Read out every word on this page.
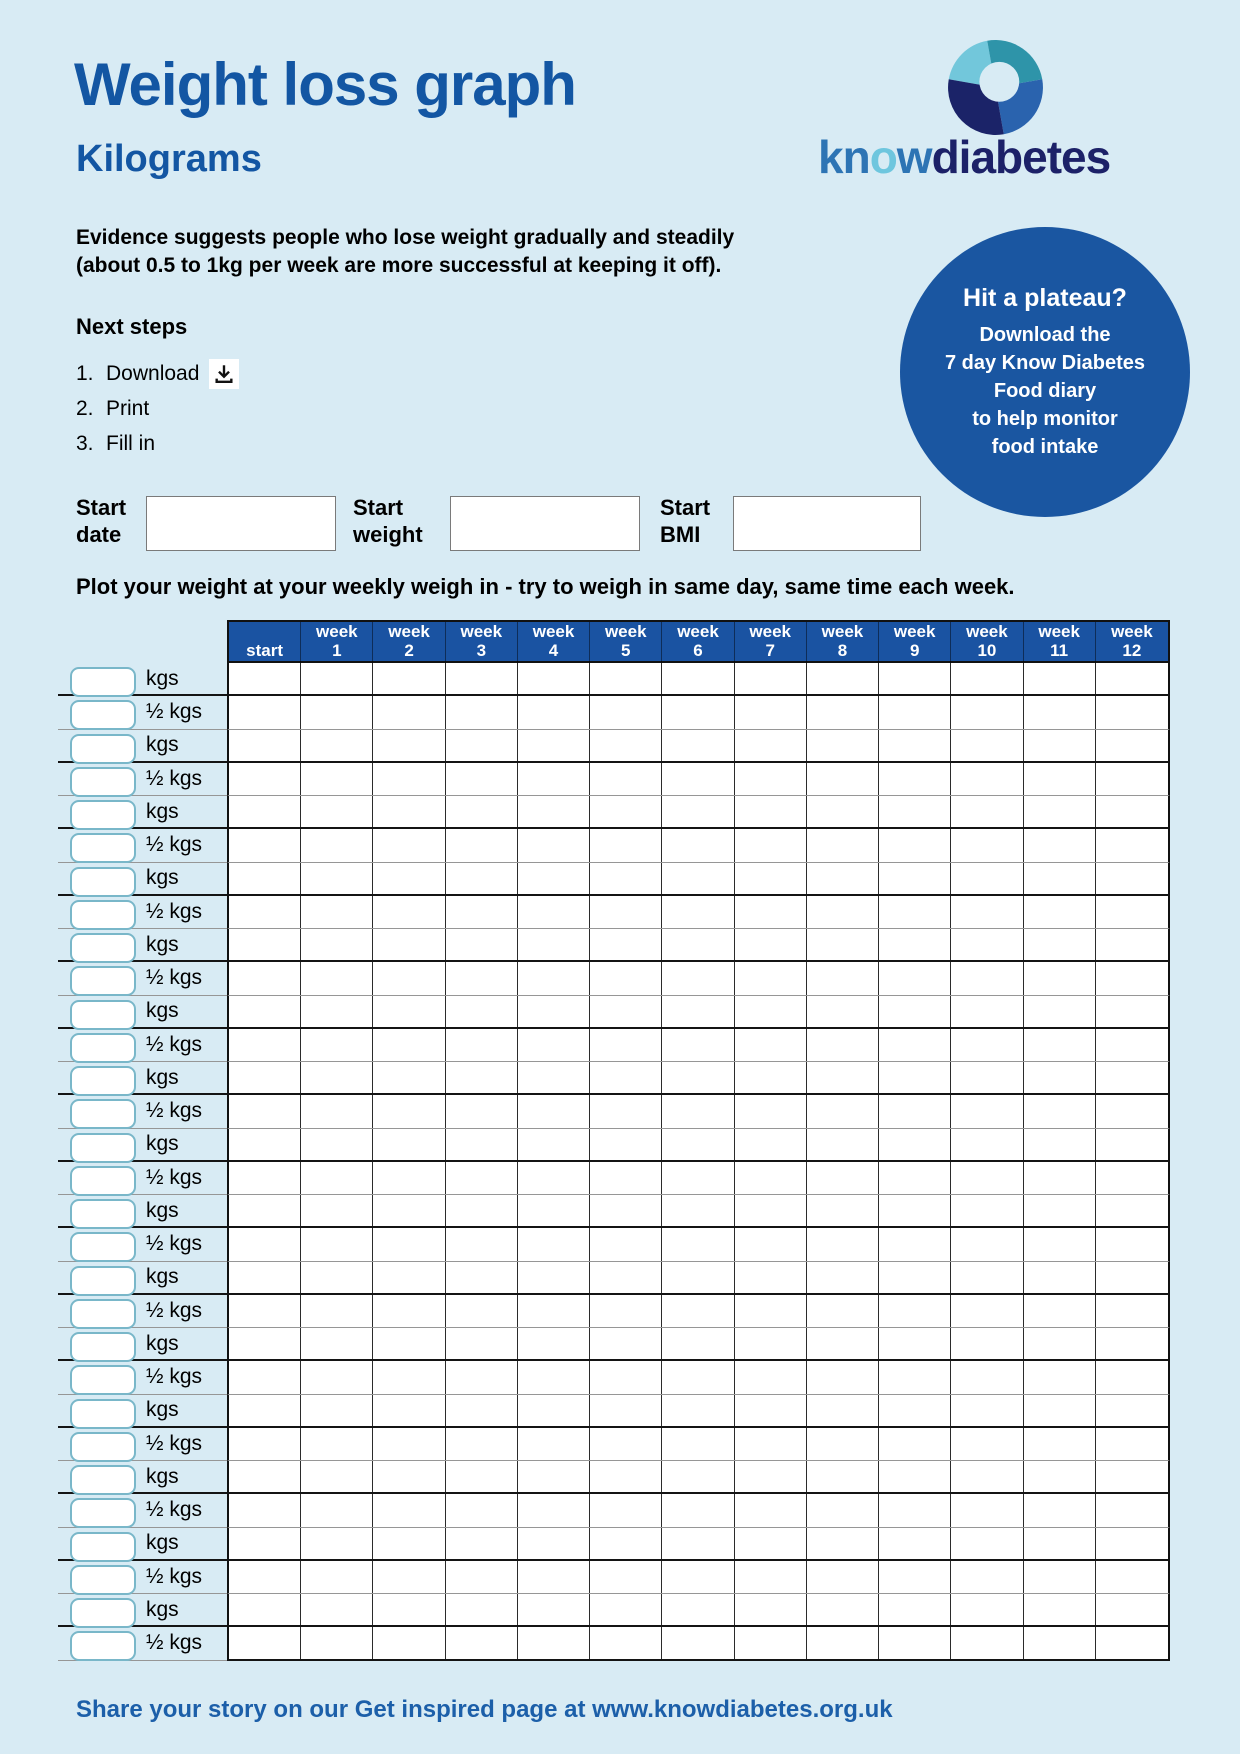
Weight loss graph
Kilograms	knowdiabetes
Evidence suggests people who lose weight gradually and steadily
(about 0.5 to 1kg per week are more successful at keeping it off).
Next steps
1. Download
2. Print
3. Fill in
Hit a plateau?
Download the
7 day Know Diabetes
Food diary
to help monitor
food intake
Start
date
Start
weight
Start
BMI
Plot your weight at your weekly weigh in - try to weigh in same day, same time each week.
kgs
½ kgs
kgs
½ kgs
kgs
½ kgs
kgs
½ kgs
kgs
½ kgs
kgs
½ kgs
kgs
½ kgs
kgs
½ kgs
kgs
½ kgs
kgs
½ kgs
kgs
½ kgs
kgs
½ kgs
kgs
½ kgs
kgs
½ kgs
kgs
½ kgs
start
week
1
week
2
week
3
week
4
week
5
week
6
week
7
week
8
week
9
week
10
week
11
week
12
Share your story on our Get inspired page at www.knowdiabetes.org.uk
